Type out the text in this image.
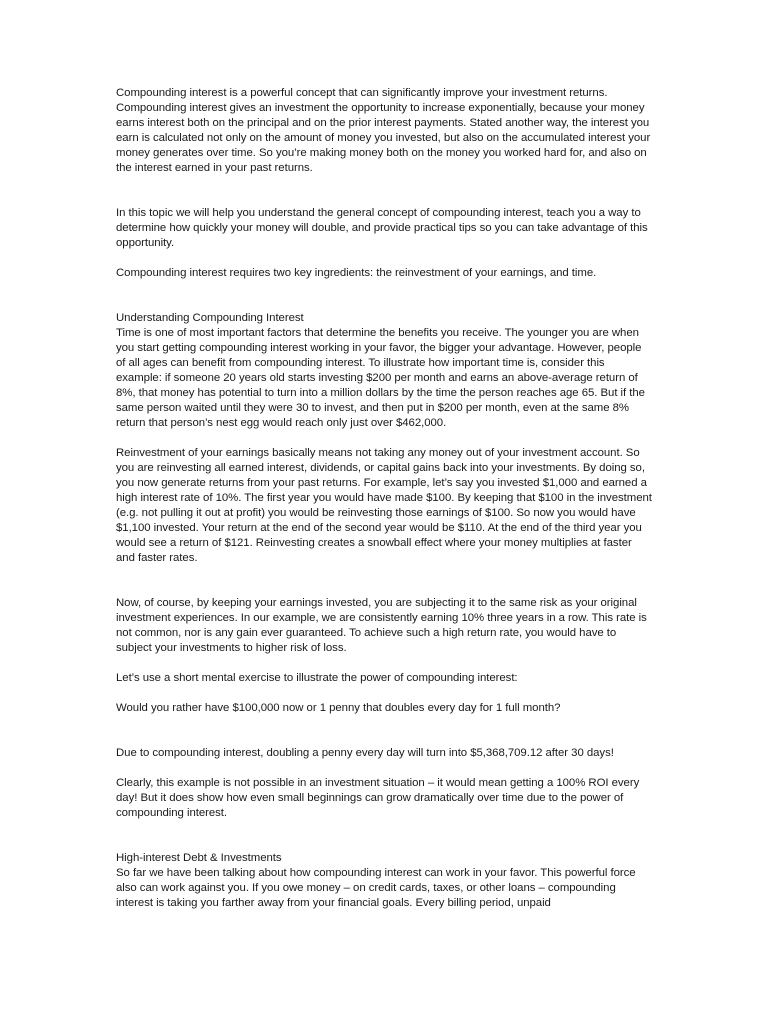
Compounding interest is a powerful concept that can significantly improve your investment returns. Compounding interest gives an investment the opportunity to increase exponentially, because your money earns interest both on the principal and on the prior interest payments. Stated another way, the interest you earn is calculated not only on the amount of money you invested, but also on the accumulated interest your money generates over time. So you’re making money both on the money you worked hard for, and also on the interest earned in your past returns.

In this topic we will help you understand the general concept of compounding interest, teach you a way to determine how quickly your money will double, and provide practical tips so you can take advantage of this opportunity.

Compounding interest requires two key ingredients: the reinvestment of your earnings, and time.

Understanding Compounding Interest

Time is one of most important factors that determine the benefits you receive. The younger you are when you start getting compounding interest working in your favor, the bigger your advantage. However, people of all ages can benefit from compounding interest. To illustrate how important time is, consider this example: if someone 20 years old starts investing $200 per month and earns an above-average return of 8%, that money has potential to turn into a million dollars by the time the person reaches age 65. But if the same person waited until they were 30 to invest, and then put in $200 per month, even at the same 8% return that person’s nest egg would reach only just over $462,000.

Reinvestment of your earnings basically means not taking any money out of your investment account. So you are reinvesting all earned interest, dividends, or capital gains back into your investments. By doing so, you now generate returns from your past returns. For example, let’s say you invested $1,000 and earned a high interest rate of 10%. The first year you would have made $100. By keeping that $100 in the investment (e.g. not pulling it out at profit) you would be reinvesting those earnings of $100. So now you would have $1,100 invested. Your return at the end of the second year would be $110. At the end of the third year you would see a return of $121. Reinvesting creates a snowball effect where your money multiplies at faster and faster rates.

Now, of course, by keeping your earnings invested, you are subjecting it to the same risk as your original investment experiences. In our example, we are consistently earning 10% three years in a row. This rate is not common, nor is any gain ever guaranteed. To achieve such a high return rate, you would have to subject your investments to higher risk of loss.

Let’s use a short mental exercise to illustrate the power of compounding interest:

Would you rather have $100,000 now or 1 penny that doubles every day for 1 full month?

Due to compounding interest, doubling a penny every day will turn into $5,368,709.12 after 30 days!

Clearly, this example is not possible in an investment situation – it would mean getting a 100% ROI every day! But it does show how even small beginnings can grow dramatically over time due to the power of compounding interest.

High-interest Debt & Investments

So far we have been talking about how compounding interest can work in your favor. This powerful force also can work against you. If you owe money – on credit cards, taxes, or other loans – compounding interest is taking you farther away from your financial goals. Every billing period, unpaid
